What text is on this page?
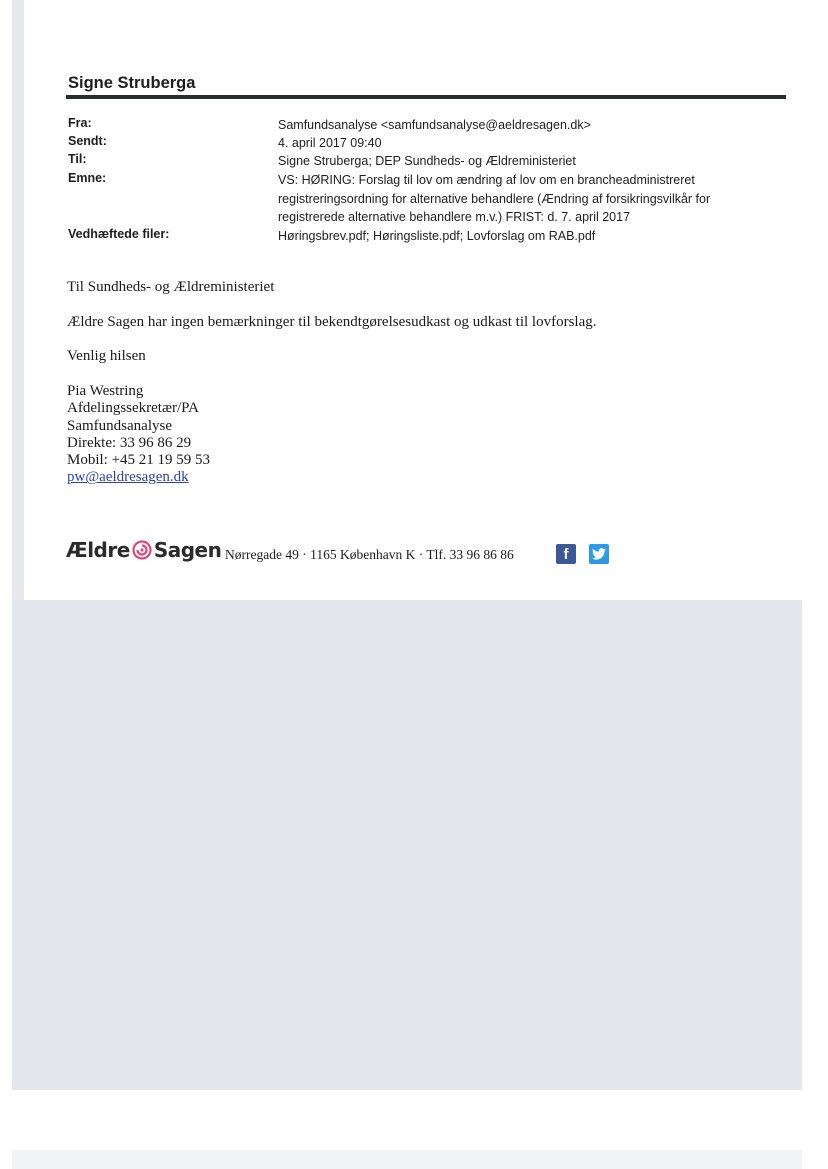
Signe Struberga
Fra:	Samfundsanalyse <samfundsanalyse@aeldresagen.dk>
Sendt:	4. april 2017 09:40
Til:	Signe Struberga; DEP Sundheds- og Ældreministeriet
Emne:	VS: HØRING: Forslag til lov om ændring af lov om en brancheadministreret registreringsordning for alternative behandlere (Ændring af forsikringsvilkår for registrerede alternative behandlere m.v.) FRIST: d. 7. april 2017
Vedhæftede filer:	Høringsbrev.pdf; Høringsliste.pdf; Lovforslag om RAB.pdf
Til Sundheds- og Ældreministeriet
Ældre Sagen har ingen bemærkninger til bekendtgørelsesudkast og udkast til lovforslag.
Venlig hilsen
Pia Westring
Afdelingssekretær/PA
Samfundsanalyse
Direkte: 33 96 86 29
Mobil: +45 21 19 59 53
pw@aeldresagen.dk
Ældre Sagen Nørregade 49 · 1165 København K · Tlf. 33 96 86 86	f
